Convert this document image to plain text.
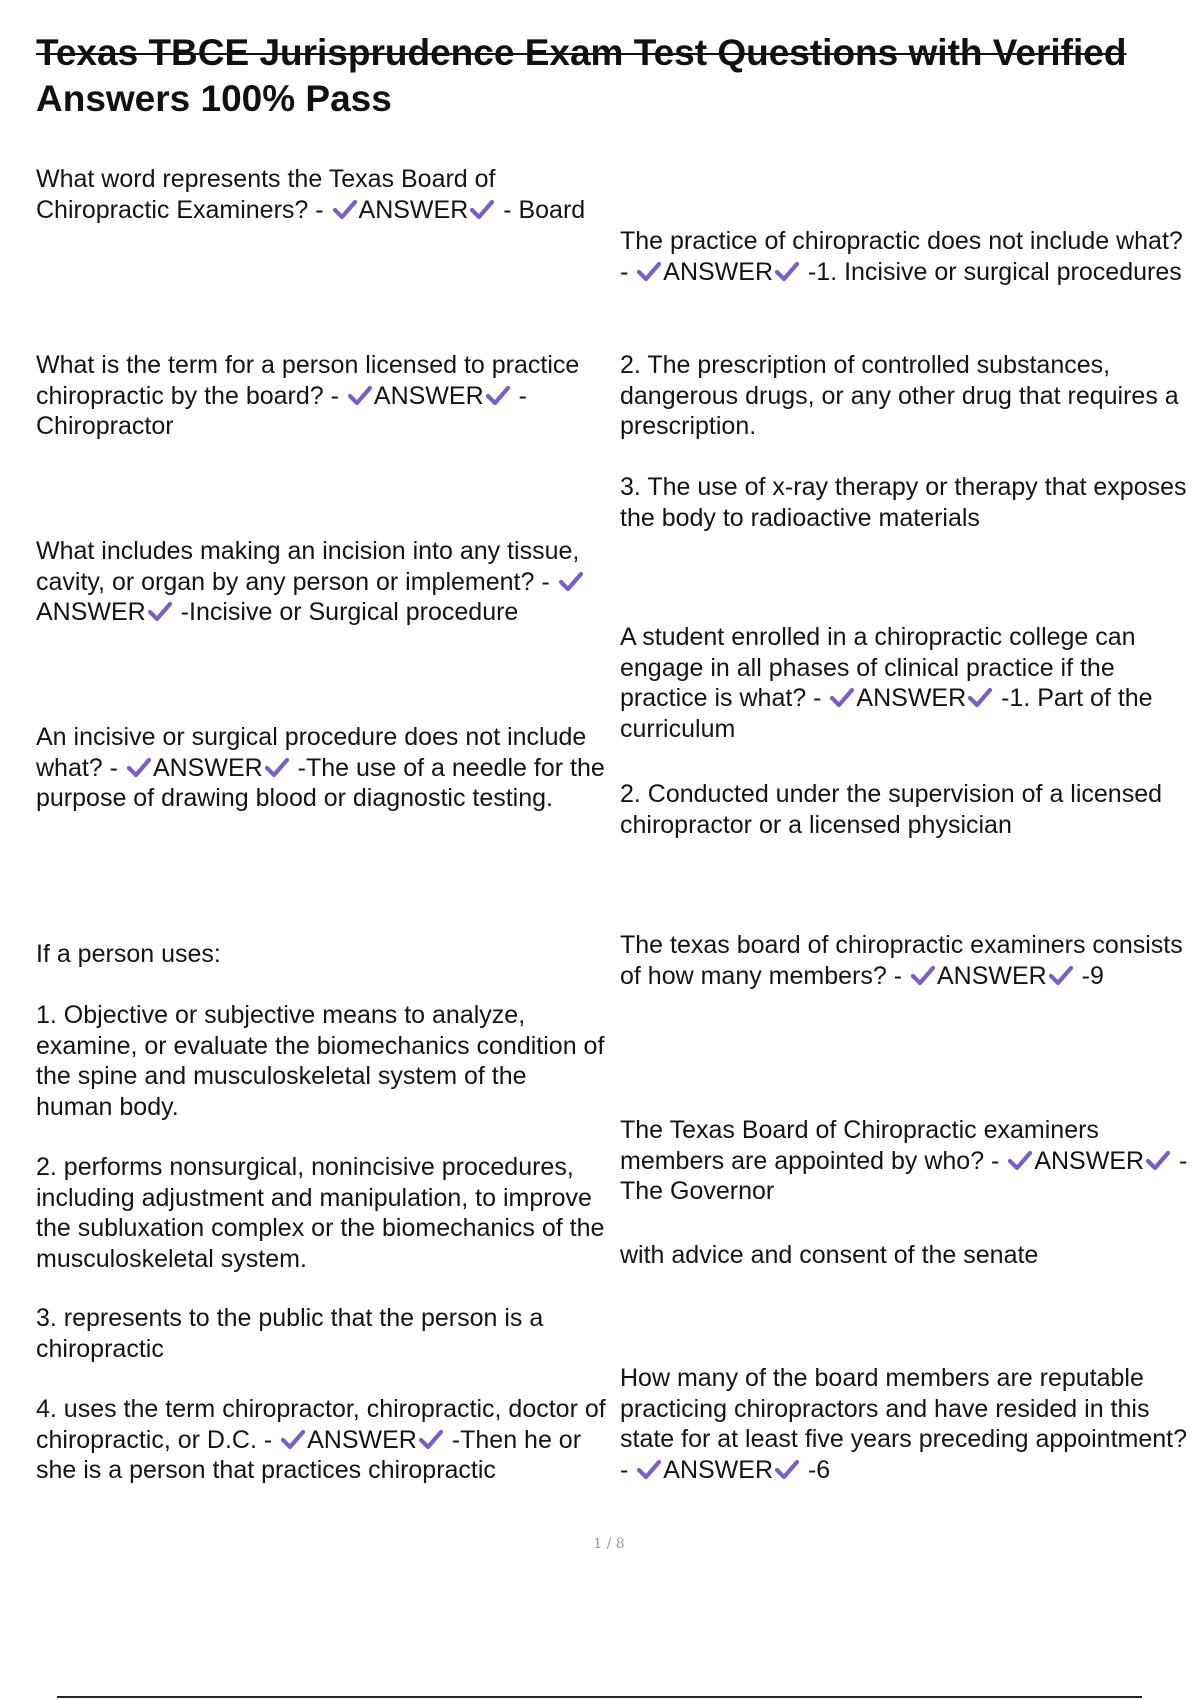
Texas TBCE Jurisprudence Exam Test Questions with Verified
Answers 100% Pass

What word represents the Texas Board of Chiropractic Examiners? -
ANSWER
- Board

What is the term for a person licensed to practice chiropractic by the board? -
ANSWER
- Chiropractor

What includes making an incision into any tissue, cavity, or organ by any person or implement? -
ANSWER
-Incisive or Surgical procedure

An incisive or surgical procedure does not include what? -
ANSWER
-The use of a needle for the purpose of drawing blood or diagnostic testing.

If a person uses:

1. Objective or subjective means to analyze, examine, or evaluate the biomechanics condition of the spine and musculoskeletal system of the human body.

2. performs nonsurgical, nonincisive procedures, including adjustment and manipulation, to improve the subluxation complex or the biomechanics of the musculoskeletal system.

3. represents to the public that the person is a chiropractic

4. uses the term chiropractor, chiropractic, doctor of chiropractic, or D.C. -
ANSWER
-Then he or she is a person that practices chiropractic

The practice of chiropractic does not include what? -
ANSWER
-1. Incisive or surgical procedures

2. The prescription of controlled substances, dangerous drugs, or any other drug that requires a prescription.

3. The use of x-ray therapy or therapy that exposes the body to radioactive materials

A student enrolled in a chiropractic college can engage in all phases of clinical practice if the practice is what? -
ANSWER
-1. Part of the curriculum

2. Conducted under the supervision of a licensed chiropractor or a licensed physician

The texas board of chiropractic examiners consists of how many members? -
ANSWER
-9

The Texas Board of Chiropractic examiners members are appointed by who? -
ANSWER
-The Governor

with advice and consent of the senate

How many of the board members are reputable practicing chiropractors and have resided in this state for at least five years preceding appointment? -
ANSWER
-6

1 / 8
